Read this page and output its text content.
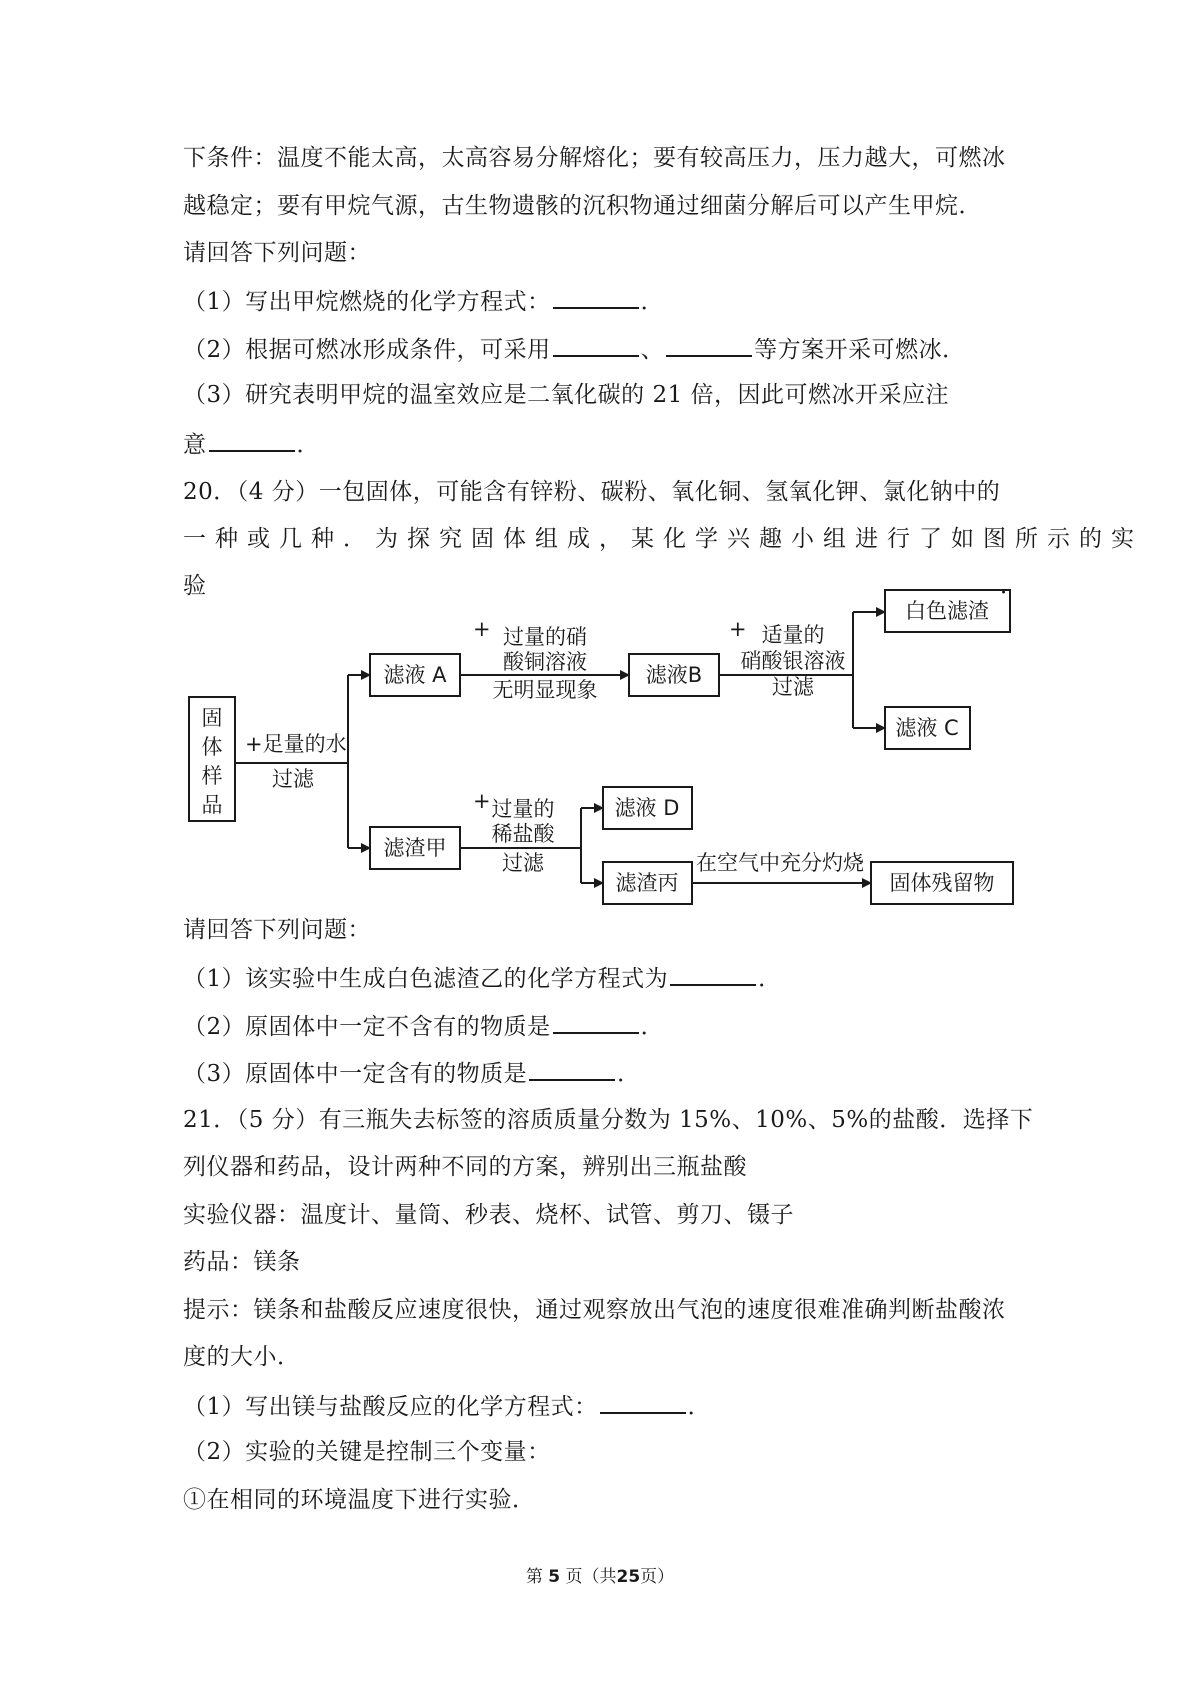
下条件：温度不能太高，太高容易分解熔化；要有较高压力，压力越大，可燃冰
越稳定；要有甲烷气源，古生物遗骸的沉积物通过细菌分解后可以产生甲烷．
请回答下列问题：
（1）写出甲烷燃烧的化学方程式：	．
（2）根据可燃冰形成条件，可采用	、	等方案开采可燃冰．
（3）研究表明甲烷的温室效应是二氧化碳的 21 倍，因此可燃冰开采应注
意	．
20．（4 分）一包固体，可能含有锌粉、碳粉、氧化铜、氢氧化钾、氯化钠中的
一种或几种．为探究固体组成，某化学兴趣小组进行了如图所示的实
验	．
固
体
样
品
+足量的水
过滤
滤液 A
+ 过量的硝
酸铜溶液
无明显现象
滤液B
+ 适量的
硝酸银溶液
过滤
白色滤渣
滤液 C
滤渣甲
+ 过量的
稀盐酸
过滤
滤液 D
滤渣丙
在空气中充分灼烧
固体残留物
请回答下列问题：
（1）该实验中生成白色滤渣乙的化学方程式为	．
（2）原固体中一定不含有的物质是	．
（3）原固体中一定含有的物质是	．
21．（5 分）有三瓶失去标签的溶质质量分数为 15%、10%、5%的盐酸．选择下
列仪器和药品，设计两种不同的方案，辨别出三瓶盐酸
实验仪器：温度计、量筒、秒表、烧杯、试管、剪刀、镊子
药品：镁条
提示：镁条和盐酸反应速度很快，通过观察放出气泡的速度很难准确判断盐酸浓
度的大小．
（1）写出镁与盐酸反应的化学方程式：	．
（2）实验的关键是控制三个变量：
①在相同的环境温度下进行实验．
第 5 页（共25页）
